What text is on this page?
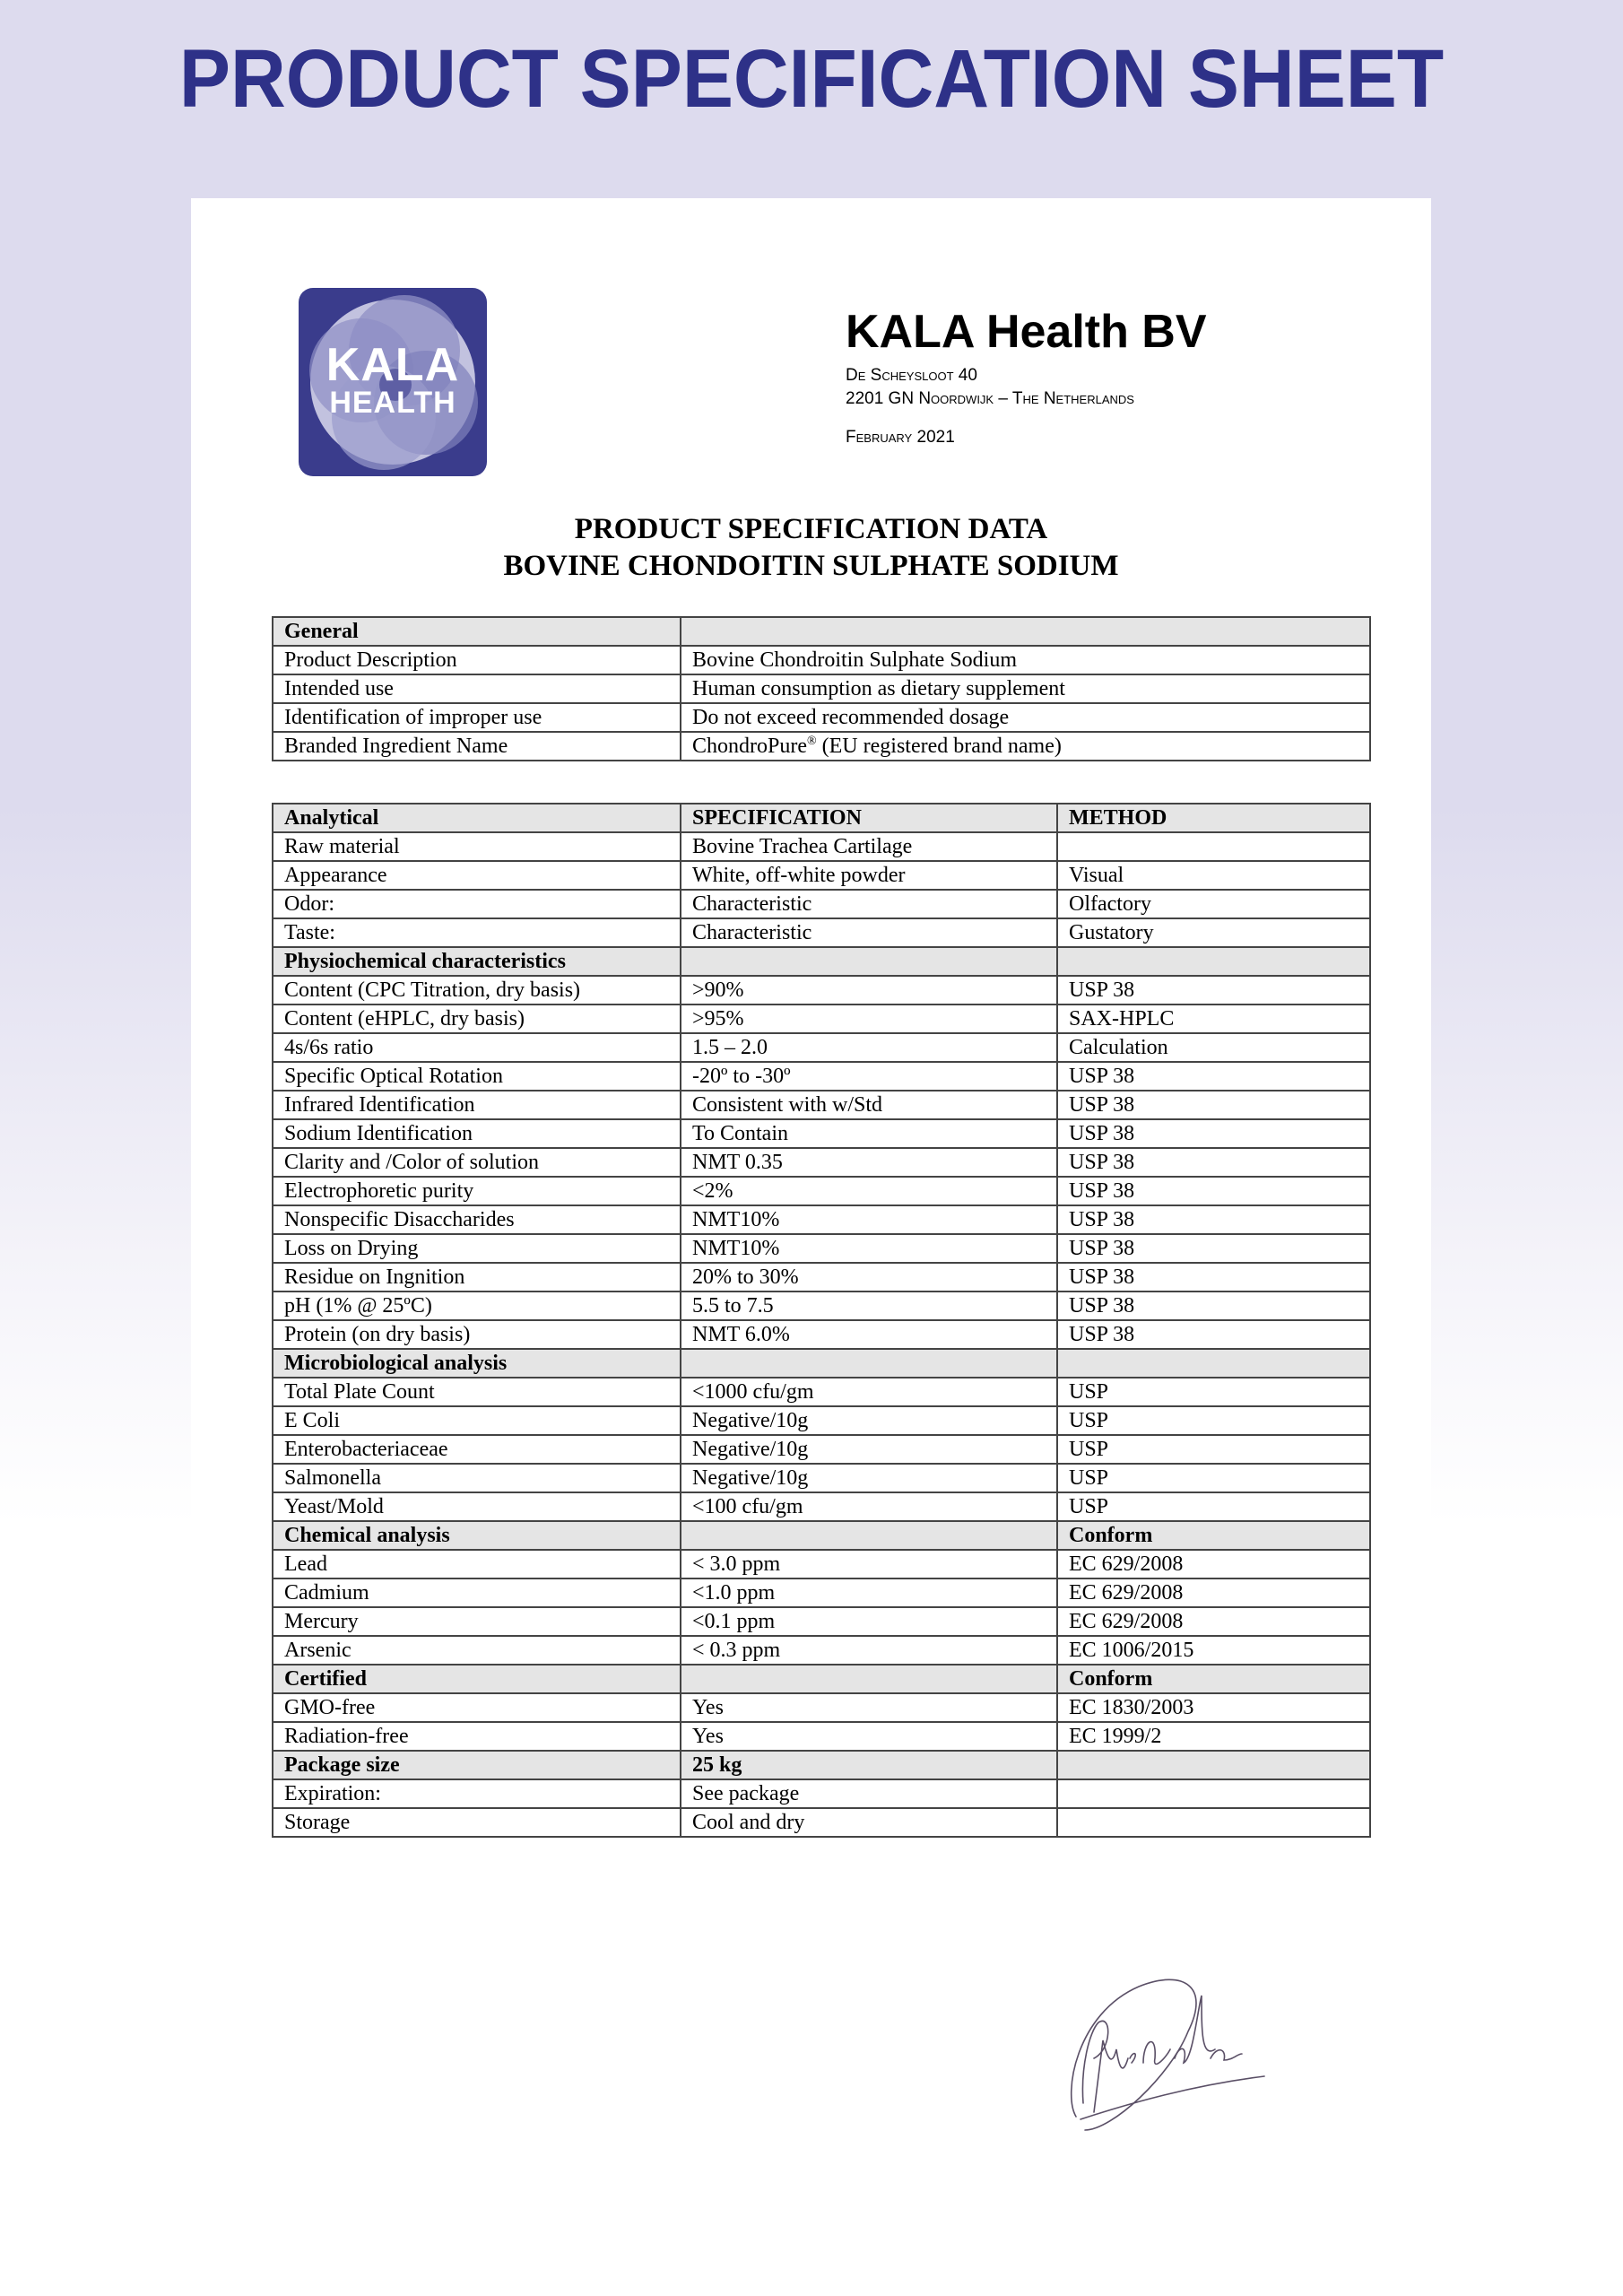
PRODUCT SPECIFICATION SHEET
KALA
HEALTH
KALA Health BV
De Scheysloot 40
2201 GN Noordwijk – The Netherlands
February 2021
PRODUCT SPECIFICATION DATA
BOVINE CHONDOITIN SULPHATE SODIUM
General	
Product Description	Bovine Chondroitin Sulphate Sodium
Intended use	Human consumption as dietary supplement
Identification of improper use	Do not exceed recommended dosage
Branded Ingredient Name	ChondroPure® (EU registered brand name)
Analytical	SPECIFICATION	METHOD
Raw material	Bovine Trachea Cartilage	
Appearance	White, off-white powder	Visual
Odor:	Characteristic	Olfactory
Taste:	Characteristic	Gustatory
Physiochemical characteristics		
Content (CPC Titration, dry basis)	>90%	USP 38
Content (eHPLC, dry basis)	>95%	SAX-HPLC
4s/6s ratio	1.5 – 2.0	Calculation
Specific Optical Rotation	-20º to -30º	USP 38
Infrared Identification	Consistent with w/Std	USP 38
Sodium Identification	To Contain	USP 38
Clarity and /Color of solution	NMT 0.35	USP 38
Electrophoretic purity	<2%	USP 38
Nonspecific Disaccharides	NMT10%	USP 38
Loss on Drying	NMT10%	USP 38
Residue on Ingnition	20% to 30%	USP 38
pH (1% @ 25ºC)	5.5 to 7.5	USP 38
Protein (on dry basis)	NMT 6.0%	USP 38
Microbiological analysis		
Total Plate Count	<1000 cfu/gm	USP
E Coli	Negative/10g	USP
Enterobacteriaceae	Negative/10g	USP
Salmonella	Negative/10g	USP
Yeast/Mold	<100 cfu/gm	USP
Chemical analysis		Conform
Lead	< 3.0 ppm	EC 629/2008
Cadmium	<1.0 ppm	EC 629/2008
Mercury	<0.1 ppm	EC 629/2008
Arsenic	< 0.3 ppm	EC 1006/2015
Certified		Conform
GMO-free	Yes	EC 1830/2003
Radiation-free	Yes	EC 1999/2
Package size	25 kg	
Expiration:	See package	
Storage	Cool and dry	
